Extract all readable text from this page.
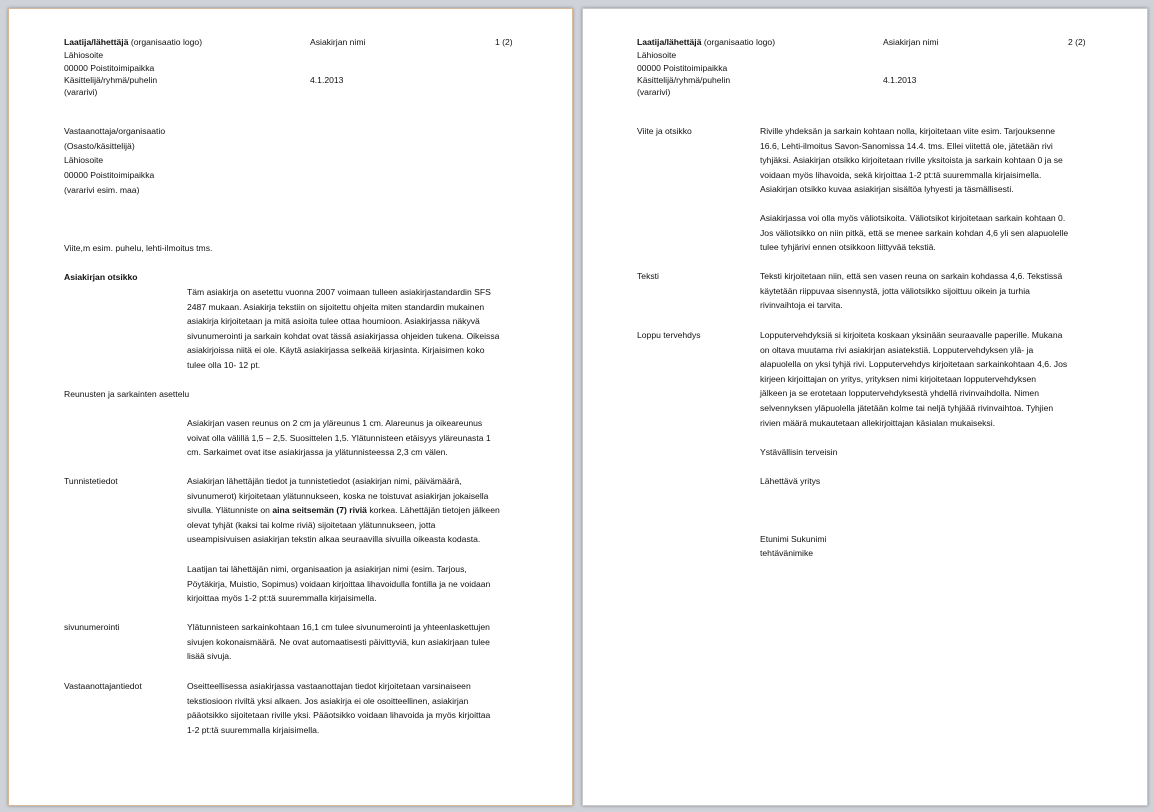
Laatija/lähettäjä (organisaatio logo)
Lähiosoite
00000 Poistitoimipaikka
Käsittelijä/ryhmä/puhelin
(vararivi)
Asiakirjan nimi	1 (2)
4.1.2013
Vastaanottaja/organisaatio
(Osasto/käsittelijä)
Lähiosoite
00000 Poistitoimipaikka
(vararivi esim. maa)
Viite,m esim. puhelu, lehti-ilmoitus tms.
Asiakirjan otsikko
Täm asiakirja on asetettu vuonna 2007 voimaan tulleen asiakirjastandardin SFS
2487 mukaan. Asiakirja tekstiin on sijoitettu ohjeita miten standardin mukainen
asiakirja kirjoitetaan ja mitä asioita tulee ottaa houmioon. Asiakirjassa näkyvä
sivunumerointi ja sarkain kohdat ovat tässä asiakirjassa ohjeiden tukena. Oikeissa
asiakirjoissa niitä ei ole. Käytä asiakirjassa selkeää kirjasinta. Kirjaisimen koko
tulee olla 10- 12 pt.
Reunusten ja sarkainten asettelu
Asiakirjan vasen reunus on 2 cm ja yläreunus 1 cm. Alareunus ja oikeareunus
voivat olla välillä 1,5 – 2,5. Suosittelen 1,5. Ylätunnisteen etäisyys yläreunasta 1
cm. Sarkaimet ovat itse asiakirjassa ja ylätunnisteessa 2,3 cm välen.
Tunnistetiedot	Asiakirjan lähettäjän tiedot ja tunnistetiedot (asiakirjan nimi, päivämäärä,
sivunumerot) kirjoitetaan ylätunnukseen, koska ne toistuvat asiakirjan jokaisella
sivulla. Ylätunniste on aina seitsemän (7) riviä korkea. Lähettäjän tietojen jälkeen
olevat tyhjät (kaksi tai kolme riviä) sijoitetaan ylätunnukseen, jotta
useampisivuisen asiakirjan tekstin alkaa seuraavilla sivuilla oikeasta kodasta.
Laatijan tai lähettäjän nimi, organisaation ja asiakirjan nimi (esim. Tarjous,
Pöytäkirja, Muistio, Sopimus) voidaan kirjoittaa lihavoidulla fontilla ja ne voidaan
kirjoittaa myös 1-2 pt:tä suuremmalla kirjaisimella.
sivunumerointi	Ylätunnisteen sarkainkohtaan 16,1 cm tulee sivunumerointi ja yhteenlaskettujen
sivujen kokonaismäärä. Ne ovat automaatisesti päivittyviä, kun asiakirjaan tulee
lisää sivuja.
Vastaanottajantiedot	Oseitteellisessa asiakirjassa vastaanottajan tiedot kirjoitetaan varsinaiseen
tekstiosioon riviltä yksi alkaen. Jos asiakirja ei ole osoitteellinen, asiakirjan
pääotsikko sijoitetaan riville yksi. Pääotsikko voidaan lihavoida ja myös kirjoittaa
1-2 pt:tä suuremmalla kirjaisimella.
Laatija/lähettäjä (organisaatio logo)
Lähiosoite
00000 Poistitoimipaikka
Käsittelijä/ryhmä/puhelin
(vararivi)
Asiakirjan nimi	2 (2)
4.1.2013
Viite ja otsikko	Riville yhdeksän ja sarkain kohtaan nolla, kirjoitetaan viite esim. Tarjouksenne
16.6, Lehti-ilmoitus Savon-Sanomissa 14.4. tms. Ellei viitettä ole, jätetään rivi
tyhjäksi. Asiakirjan otsikko kirjoitetaan riville yksitoista ja sarkain kohtaan 0 ja se
voidaan myös lihavoida, sekä kirjoittaa 1-2 pt:tä suuremmalla kirjaisimella.
Asiakirjan otsikko kuvaa asiakirjan sisältöa lyhyesti ja täsmällisesti.
Asiakirjassa voi olla myös väliotsikoita. Väliotsikot kirjoitetaan sarkain kohtaan 0.
Jos väliotsikko on niin pitkä, että se menee sarkain kohdan 4,6 yli sen alapuolelle
tulee tyhjärivi ennen otsikkoon liittyvää tekstiä.
Teksti	Teksti kirjoitetaan niin, että sen vasen reuna on sarkain kohdassa 4,6. Tekstissä
käytetään riippuvaa sisennystä, jotta väliotsikko sijoittuu oikein ja turhia
rivinvaihtoja ei tarvita.
Loppu tervehdys	Lopputervehdyksiä si kirjoiteta koskaan yksinään seuraavalle paperille. Mukana
on oltava muutama rivi asiakirjan asiatekstiä. Lopputervehdyksen ylä- ja
alapuolella on yksi tyhjä rivi. Lopputervehdys kirjoitetaan sarkainkohtaan 4,6. Jos
kirjeen kirjoittajan on yritys, yrityksen nimi kirjoitetaan lopputervehdyksen
jälkeen ja se erotetaan lopputervehdyksestä yhdellä rivinvaihdolla. Nimen
selvennyksen yläpuolella jätetään kolme tai neljä tyhjäää rivinvaihtoa. Tyhjien
rivien määrä mukautetaan allekirjoittajan käsialan mukaiseksi.
Ystävällisin terveisin
Lähettävä yritys
Etunimi Sukunimi
tehtävänimike
